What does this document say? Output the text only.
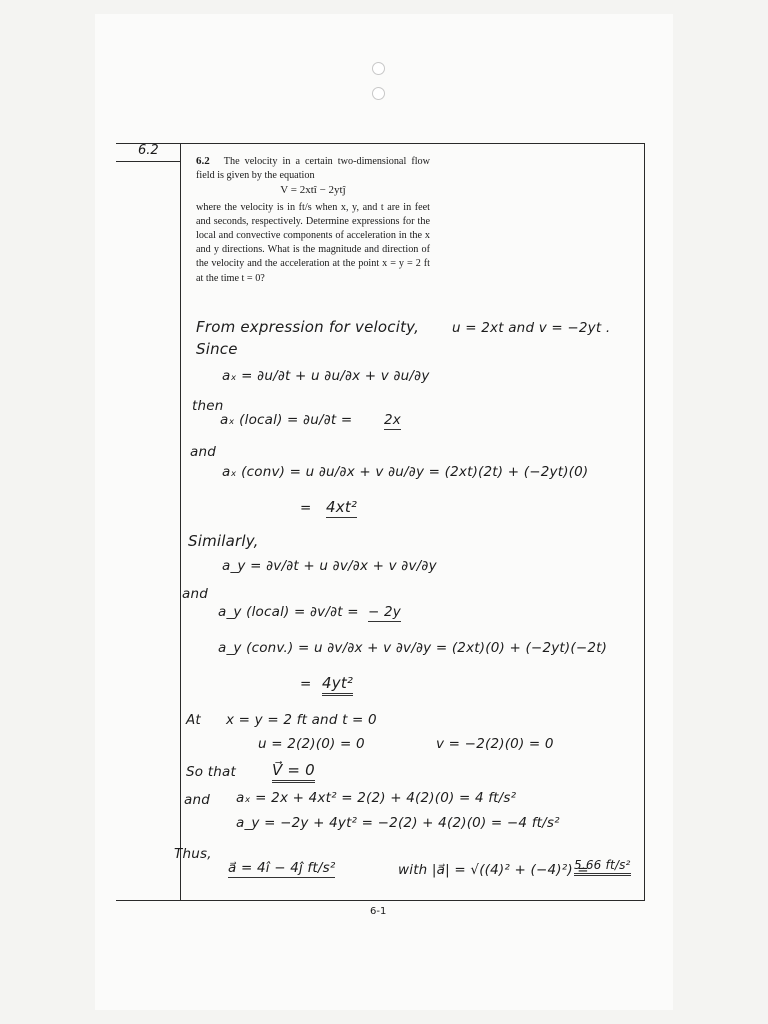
6.2
6.2 The velocity in a certain two-dimensional flow field is given by the equation
V = 2xtî − 2ytĵ
where the velocity is in ft/s when x, y, and t are in feet and seconds, respectively. Determine expressions for the local and convective components of acceleration in the x and y directions. What is the magnitude and direction of the velocity and the acceleration at the point x = y = 2 ft at the time t = 0?
From expression for velocity, u = 2xt and v = −2yt .
Since
aₓ = ∂u/∂t + u ∂u/∂x + v ∂u/∂y
then
aₓ (local) = ∂u/∂t = 2x
and
aₓ (conv) = u ∂u/∂x + v ∂u/∂y = (2xt)(2t) + (−2yt)(0)
= 4xt²
Similarly,
a_y = ∂v/∂t + u ∂v/∂x + v ∂v/∂y
and
a_y (local) = ∂v/∂t = − 2y
a_y (conv.) = u ∂v/∂x + v ∂v/∂y = (2xt)(0) + (−2yt)(−2t)
= 4yt²
At x = y = 2 ft and t = 0
u = 2(2)(0) = 0	v = −2(2)(0) = 0
So that V⃗ = 0
and aₓ = 2x + 4xt² = 2(2) + 4(2)(0) = 4 ft/s²
a_y = −2y + 4yt² = −2(2) + 4(2)(0) = −4 ft/s²
Thus,
a⃗ = 4î − 4ĵ ft/s²	with |a⃗| = √((4)² + (−4)²) =
5.66 ft/s²
6-1
